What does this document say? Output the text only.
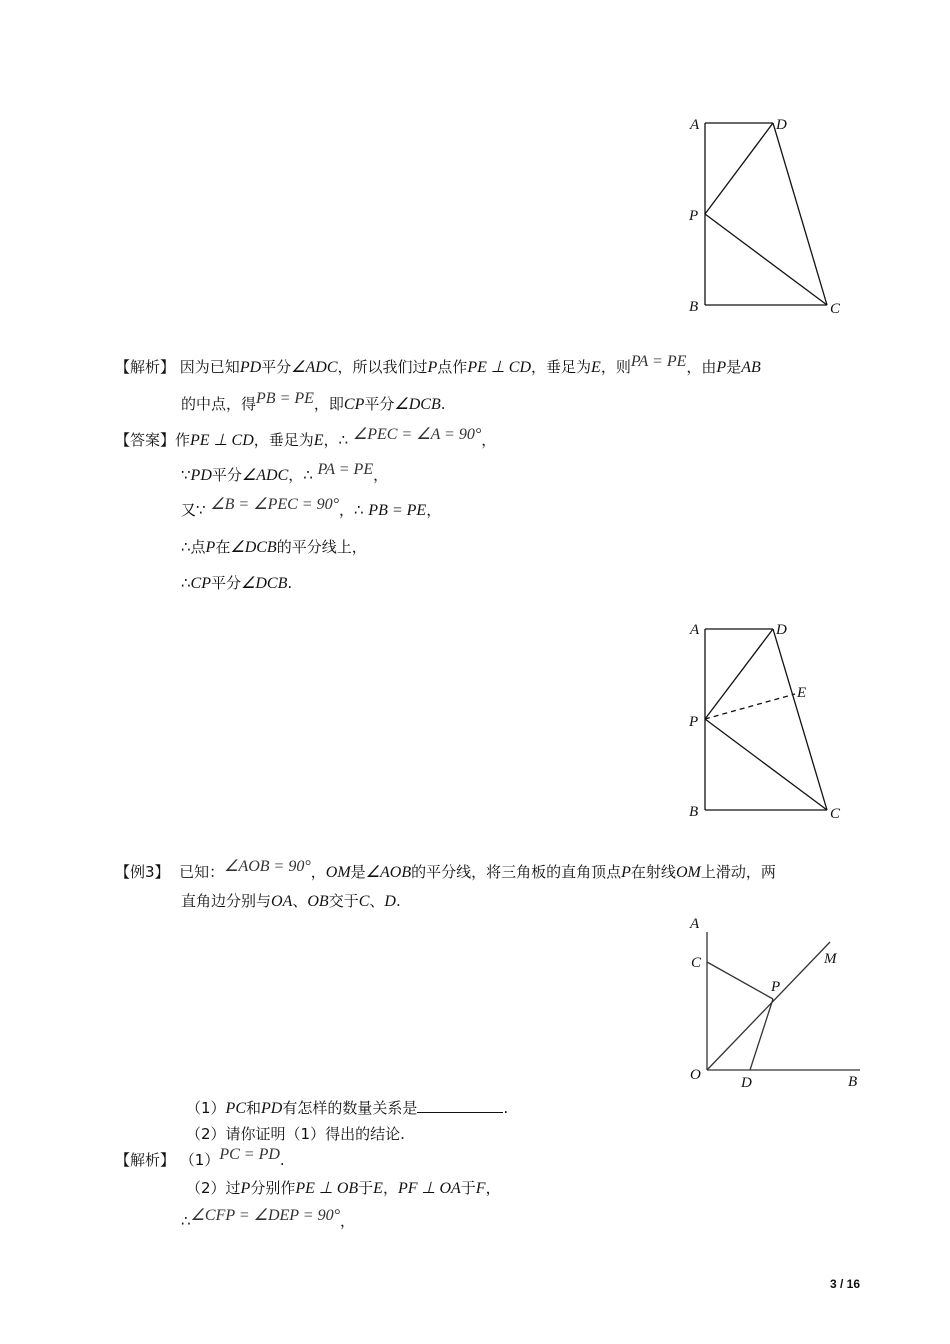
A	D
P
B	C
【解析】 因为已知PD平分∠ADC，所以我们过P点作PE ⊥ CD，垂足为E，则PA = PE，由P是AB
的中点，得PB = PE，即CP平分∠DCB.
【答案】作PE ⊥ CD，垂足为E，∴ ∠PEC = ∠A = 90°，
∵PD平分∠ADC，∴ PA = PE，
又∵ ∠B = ∠PEC = 90°，∴ PB = PE，
∴点P在∠DCB的平分线上，
∴CP平分∠DCB.
A	D
E
P
B	C
【例3】 已知：∠AOB = 90°，OM是∠AOB的平分线，将三角板的直角顶点P在射线OM上滑动，两
直角边分别与OA、OB交于C、D.
A
C	M
P
O	D	B
（1）PC和PD有怎样的数量关系是	.
（2）请你证明（1）得出的结论.
【解析】 （1）PC = PD.
（2）过P分别作PE ⊥ OB于E，PF ⊥ OA于F，
∴∠CFP = ∠DEP = 90°，
3 / 16
